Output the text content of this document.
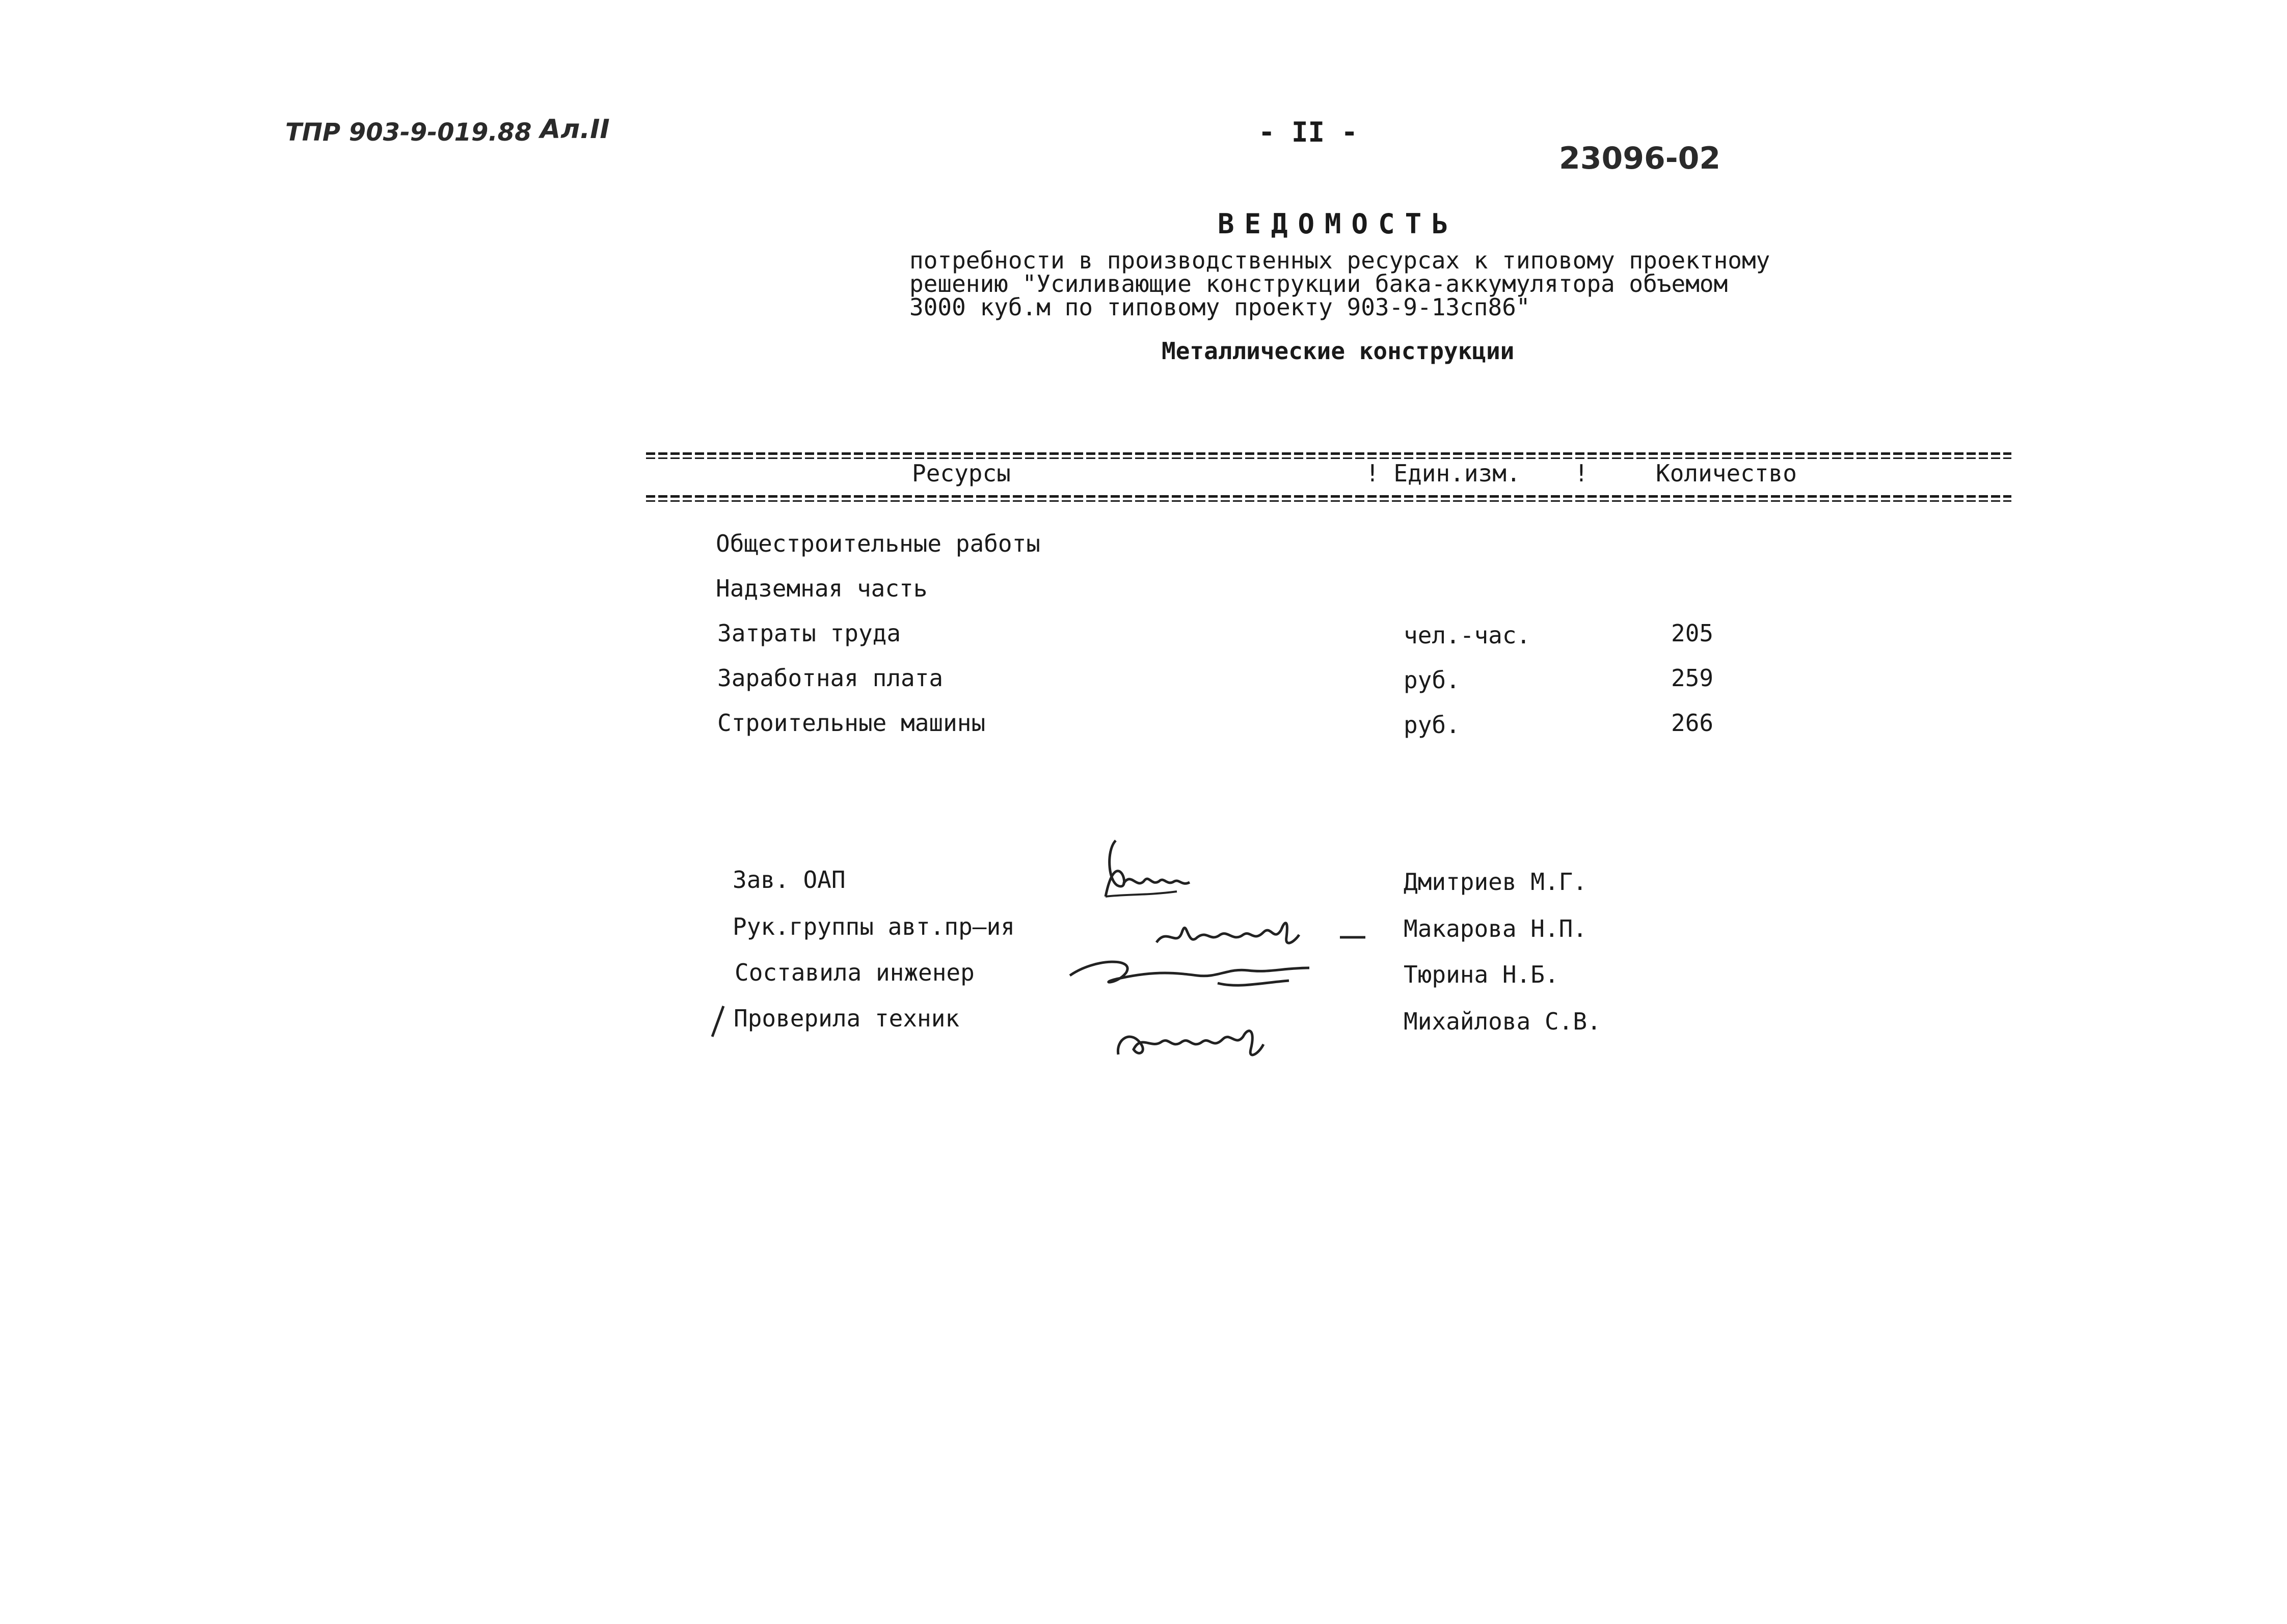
ТПР 903-9-019.88 Ал.II	- II -
23096-02
ВЕДОМОСТЬ
потребности в производственных ресурсах к типовому проектному
решению "Усиливающие конструкции бака-аккумулятора объемом
3000 куб.м по типовому проекту 903-9-13сп86"
Металлические конструкции
Ресурсы	! Един.изм. !	Количество
Общестроительные работы
Надземная часть
Затраты труда	чел.-час.	205
Заработная плата	руб.	259
Строительные машины	руб.	266
Зав. ОАП	Дмитриев М.Г.
Рук.группы авт.пр—ия	Макарова Н.П.
Составила инженер	Тюрина Н.Б.
Проверила техник	Михайлова С.В.
